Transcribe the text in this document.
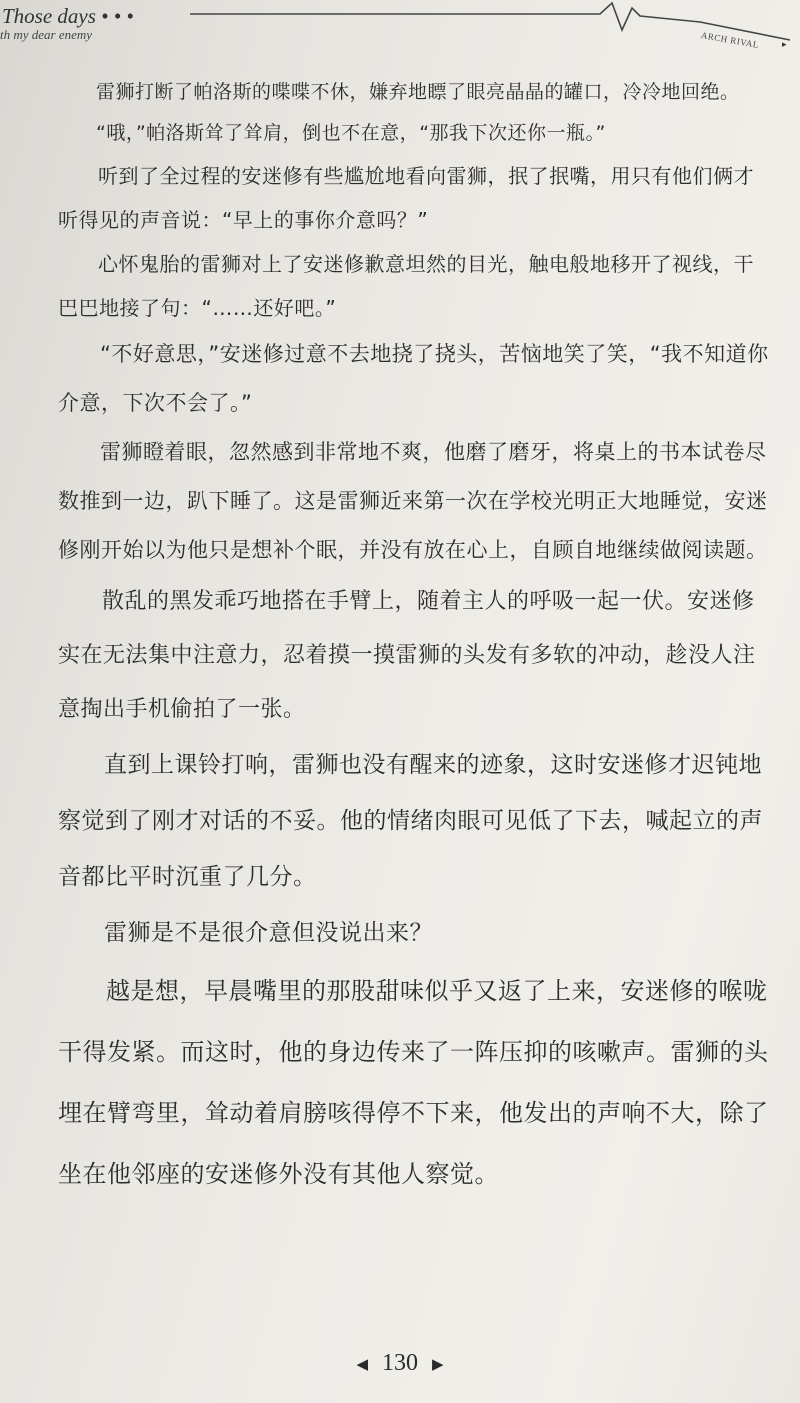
Those days • • •
th my dear enemy	ARCH RIVAL ▸

雷狮打断了帕洛斯的喋喋不休，嫌弃地瞟了眼亮晶晶的罐口，冷冷地回绝。

“哦，”帕洛斯耸了耸肩，倒也不在意，“那我下次还你一瓶。”

听到了全过程的安迷修有些尴尬地看向雷狮，抿了抿嘴，用只有他们俩才听得见的声音说：“早上的事你介意吗？”

心怀鬼胎的雷狮对上了安迷修歉意坦然的目光，触电般地移开了视线，干巴巴地接了句：“……还好吧。”

“不好意思，”安迷修过意不去地挠了挠头，苦恼地笑了笑，“我不知道你介意，下次不会了。”

雷狮瞪着眼，忽然感到非常地不爽，他磨了磨牙，将桌上的书本试卷尽数推到一边，趴下睡了。这是雷狮近来第一次在学校光明正大地睡觉，安迷修刚开始以为他只是想补个眠，并没有放在心上，自顾自地继续做阅读题。

散乱的黑发乖巧地搭在手臂上，随着主人的呼吸一起一伏。安迷修实在无法集中注意力，忍着摸一摸雷狮的头发有多软的冲动，趁没人注意掏出手机偷拍了一张。

直到上课铃打响，雷狮也没有醒来的迹象，这时安迷修才迟钝地察觉到了刚才对话的不妥。他的情绪肉眼可见低了下去，喊起立的声音都比平时沉重了几分。

雷狮是不是很介意但没说出来？

越是想，早晨嘴里的那股甜味似乎又返了上来，安迷修的喉咙干得发紧。而这时，他的身边传来了一阵压抑的咳嗽声。雷狮的头埋在臂弯里，耸动着肩膀咳得停不下来，他发出的声响不大，除了坐在他邻座的安迷修外没有其他人察觉。

◀ 130 ▶
